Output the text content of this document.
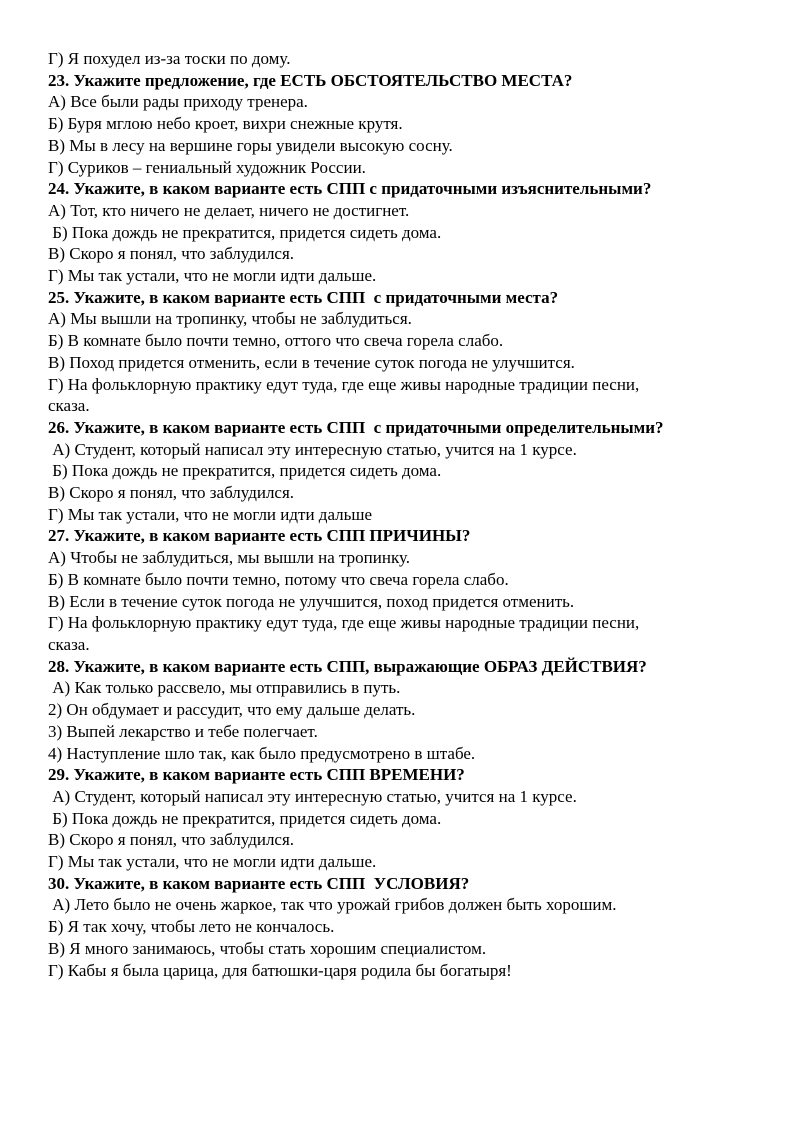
Г) Я похудел из-за тоски по дому.
23. Укажите предложение, где ЕСТЬ ОБСТОЯТЕЛЬСТВО МЕСТА?
А) Все были рады приходу тренера.
Б) Буря мглою небо кроет, вихри снежные крутя.
В) Мы в лесу на вершине горы увидели высокую сосну.
Г) Суриков – гениальный художник России.
24. Укажите, в каком варианте есть СПП с придаточными изъяснительными?
А) Тот, кто ничего не делает, ничего не достигнет.
Б) Пока дождь не прекратится, придется сидеть дома.
В) Скоро я понял, что заблудился.
Г) Мы так устали, что не могли идти дальше.
25. Укажите, в каком варианте есть СПП  с придаточными места?
А) Мы вышли на тропинку, чтобы не заблудиться.
Б) В комнате было почти темно, оттого что свеча горела слабо.
В) Поход придется отменить, если в течение суток погода не улучшится.
Г) На фольклорную практику едут туда, где еще живы народные традиции песни,
сказа.
26. Укажите, в каком варианте есть СПП  с придаточными определительными?
А) Студент, который написал эту интересную статью, учится на 1 курсе.
Б) Пока дождь не прекратится, придется сидеть дома.
В) Скоро я понял, что заблудился.
Г) Мы так устали, что не могли идти дальше
27. Укажите, в каком варианте есть СПП ПРИЧИНЫ?
А) Чтобы не заблудиться, мы вышли на тропинку.
Б) В комнате было почти темно, потому что свеча горела слабо.
В) Если в течение суток погода не улучшится, поход придется отменить.
Г) На фольклорную практику едут туда, где еще живы народные традиции песни,
сказа.
28. Укажите, в каком варианте есть СПП, выражающие ОБРАЗ ДЕЙСТВИЯ?
А) Как только рассвело, мы отправились в путь.
2) Он обдумает и рассудит, что ему дальше делать.
3) Выпей лекарство и тебе полегчает.
4) Наступление шло так, как было предусмотрено в штабе.
29. Укажите, в каком варианте есть СПП ВРЕМЕНИ?
А) Студент, который написал эту интересную статью, учится на 1 курсе.
Б) Пока дождь не прекратится, придется сидеть дома.
В) Скоро я понял, что заблудился.
Г) Мы так устали, что не могли идти дальше.
30. Укажите, в каком варианте есть СПП  УСЛОВИЯ?
А) Лето было не очень жаркое, так что урожай грибов должен быть хорошим.
Б) Я так хочу, чтобы лето не кончалось.
В) Я много занимаюсь, чтобы стать хорошим специалистом.
Г) Кабы я была царица, для батюшки-царя родила бы богатыря!
